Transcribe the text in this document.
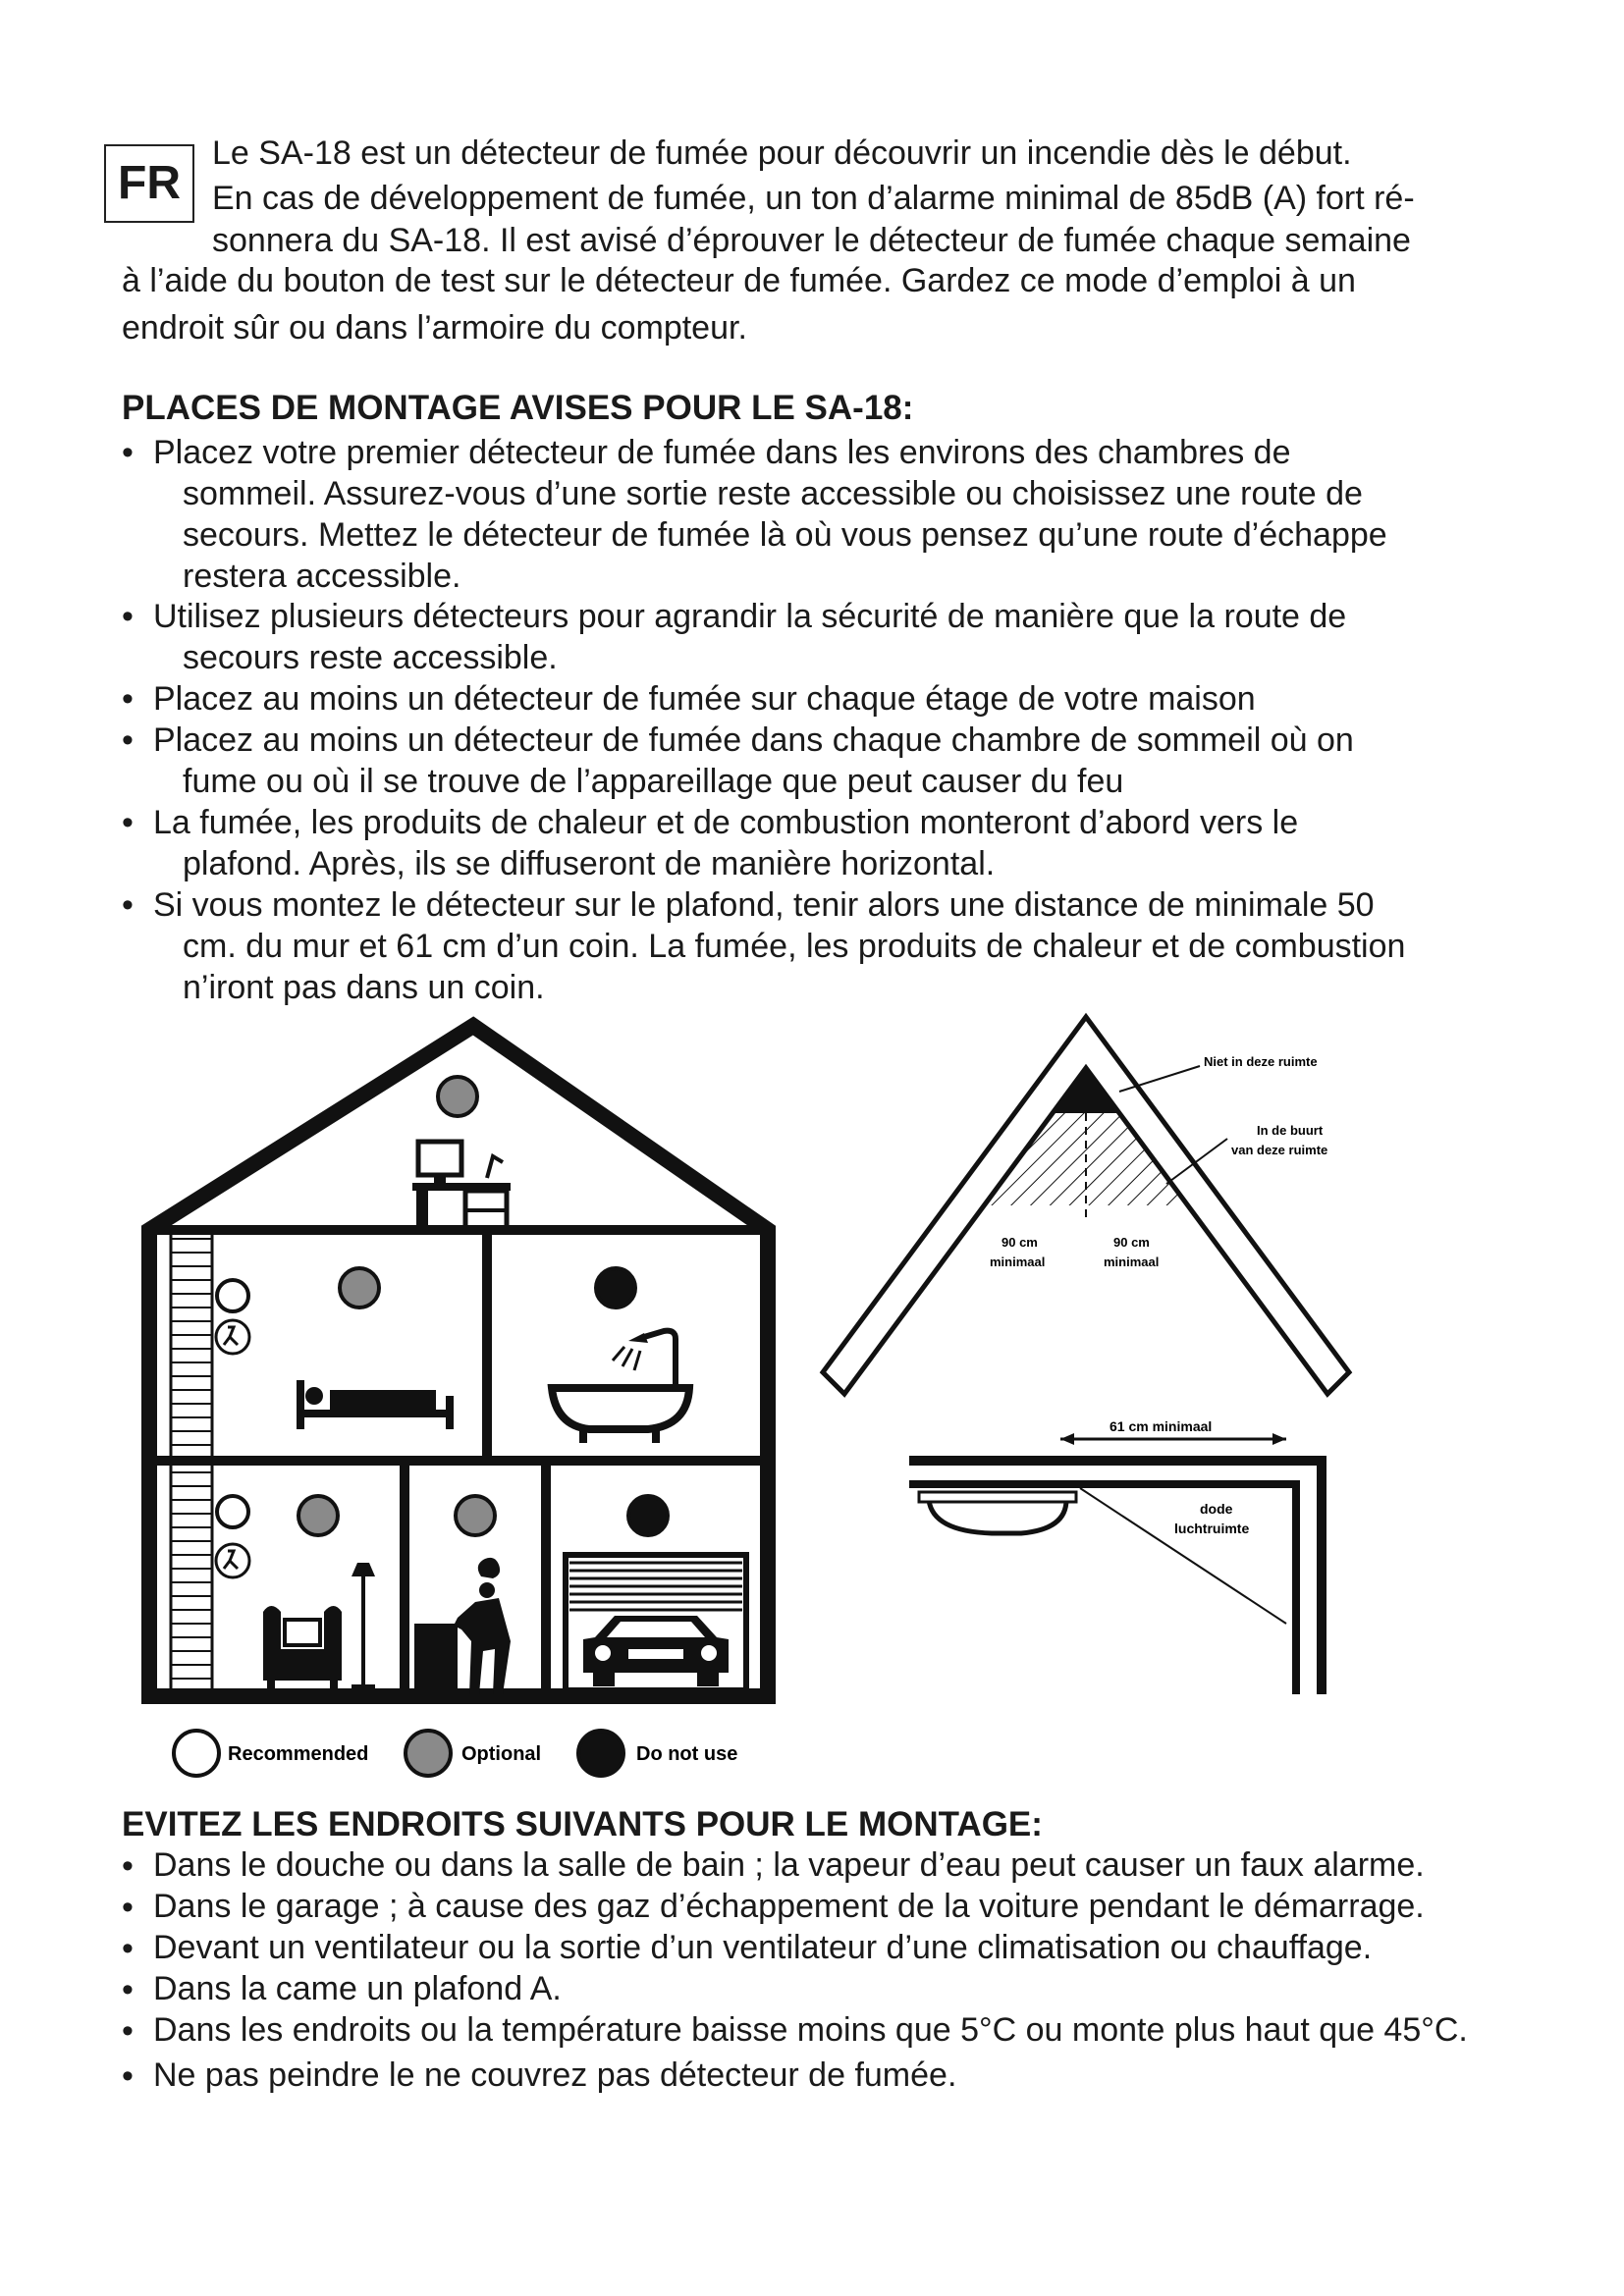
FR
Le SA-18 est un détecteur de fumée pour découvrir un incendie dès le début.
En cas de développement de fumée, un ton d’alarme minimal de 85dB (A) fort ré-
sonnera du SA-18. Il est avisé d’éprouver le détecteur de fumée chaque semaine
à l’aide du bouton de test sur le détecteur de fumée. Gardez ce mode d’emploi à un
endroit sûr ou dans l’armoire du compteur.
PLACES DE MONTAGE AVISES POUR LE SA-18:
• Placez votre premier détecteur de fumée dans les environs des chambres de
sommeil. Assurez-vous d’une sortie reste accessible ou choisissez une route de
secours. Mettez le détecteur de fumée là où vous pensez qu’une route d’échappe
restera accessible.
• Utilisez plusieurs détecteurs pour agrandir la sécurité de manière que la route de
secours reste accessible.
• Placez au moins un détecteur de fumée sur chaque étage de votre maison
• Placez au moins un détecteur de fumée dans chaque chambre de sommeil où on
fume ou où il se trouve de l’appareillage que peut causer du feu
• La fumée, les produits de chaleur et de combustion monteront d’abord vers le
plafond. Après, ils se diffuseront de manière horizontal.
• Si vous montez le détecteur sur le plafond, tenir alors une distance de minimale 50
cm. du mur et 61 cm d’un coin. La fumée, les produits de chaleur et de combustion
n’iront pas dans un coin.
Niet in deze ruimte
In de buurt
van deze ruimte
90 cm
minimaal
90 cm
minimaal
61 cm minimaal
dode
luchtruimte
Recommended	Optional	Do not use
EVITEZ LES ENDROITS SUIVANTS POUR LE MONTAGE:
• Dans le douche ou dans la salle de bain ; la vapeur d’eau peut causer un faux alarme.
• Dans le garage ; à cause des gaz d’échappement de la voiture pendant le démarrage.
• Devant un ventilateur ou la sortie d’un ventilateur d’une climatisation ou chauffage.
• Dans la came un plafond A.
• Dans les endroits ou la température baisse moins que 5°C ou monte plus haut que 45°C.
• Ne pas peindre le ne couvrez pas détecteur de fumée.
